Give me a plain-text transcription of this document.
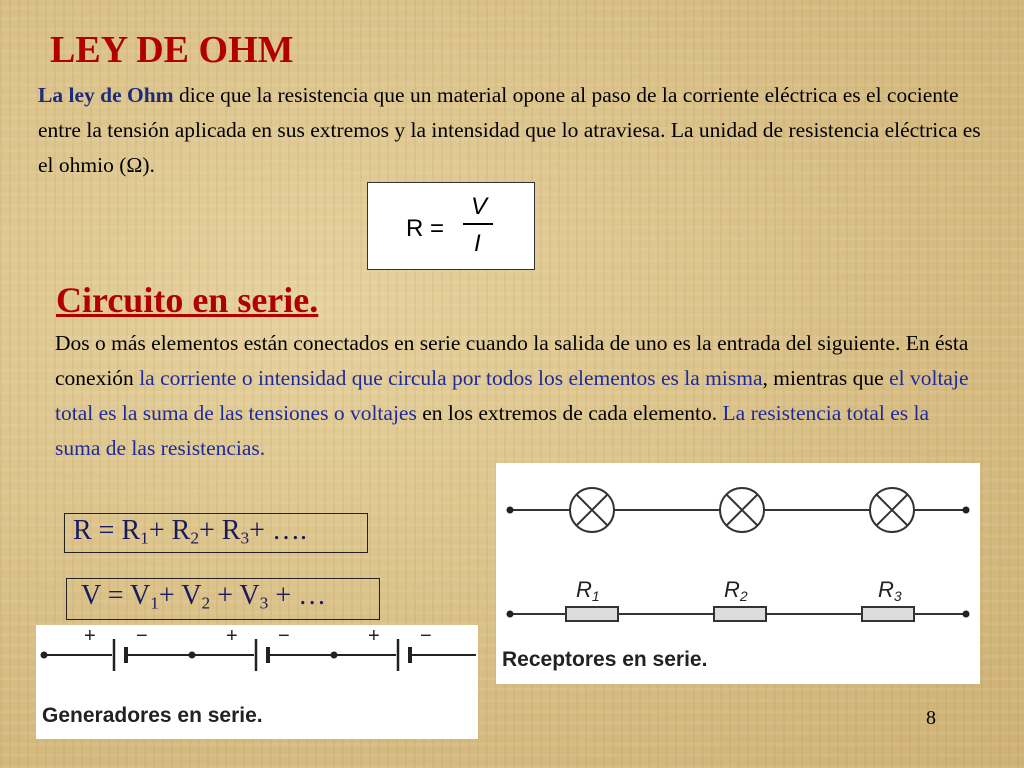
LEY DE OHM

La ley de Ohm dice que la resistencia que un material opone al paso de la corriente eléctrica es el cociente entre la tensión aplicada en sus extremos y la intensidad que lo atraviesa. La unidad de resistencia eléctrica es el ohmio (Ω).

R =
V
I
Circuito en serie.

Dos o más elementos están conectados en serie cuando la salida de uno es la entrada del siguiente. En ésta conexión la corriente o intensidad que circula por todos los elementos es la misma, mientras que el voltaje total es la suma de las tensiones o voltajes en los extremos de cada elemento. La resistencia total es la suma de las resistencias.

$R = R_1+ R_2+ R_3+$ ….
$V = V_1+ V_2 + V_3$ + …	R1	R2	R3
Receptores en serie.
+ −	+ −	+ −
Generadores en serie.	8
